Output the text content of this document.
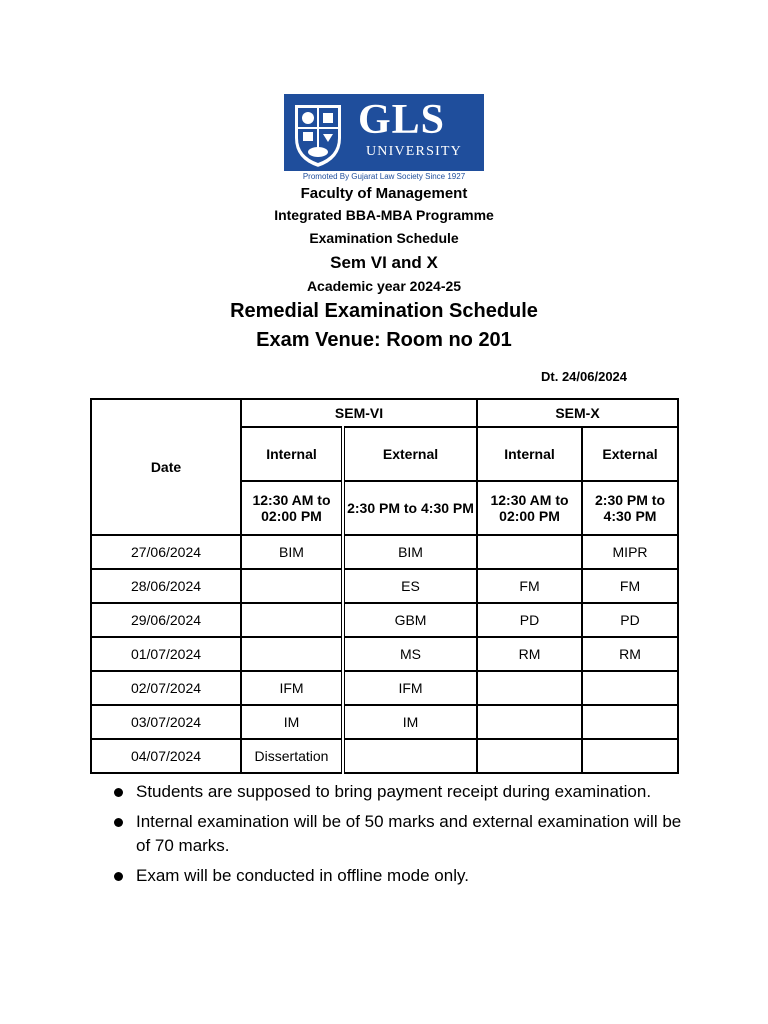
GLS
UNIVERSITY
Promoted By Gujarat Law Society Since 1927
Faculty of Management
Integrated BBA-MBA Programme
Examination Schedule
Sem VI and X
Academic year 2024-25
Remedial Examination Schedule
Exam Venue: Room no 201
Dt. 24/06/2024
Date	SEM-VI		SEM-X	
	Internal	External	Internal	External
	12:30 AM to 02:00 PM	2:30 PM to 4:30 PM	12:30 AM to 02:00 PM	2:30 PM to 4:30 PM
27/06/2024	BIM	BIM		MIPR
28/06/2024		ES	FM	FM
29/06/2024		GBM	PD	PD
01/07/2024		MS	RM	RM
02/07/2024	IFM	IFM		
03/07/2024	IM	IM		
04/07/2024	Dissertation			
Students are supposed to bring payment receipt during examination.
Internal examination will be of 50 marks and external examination will be of 70 marks.
Exam will be conducted in offline mode only.
